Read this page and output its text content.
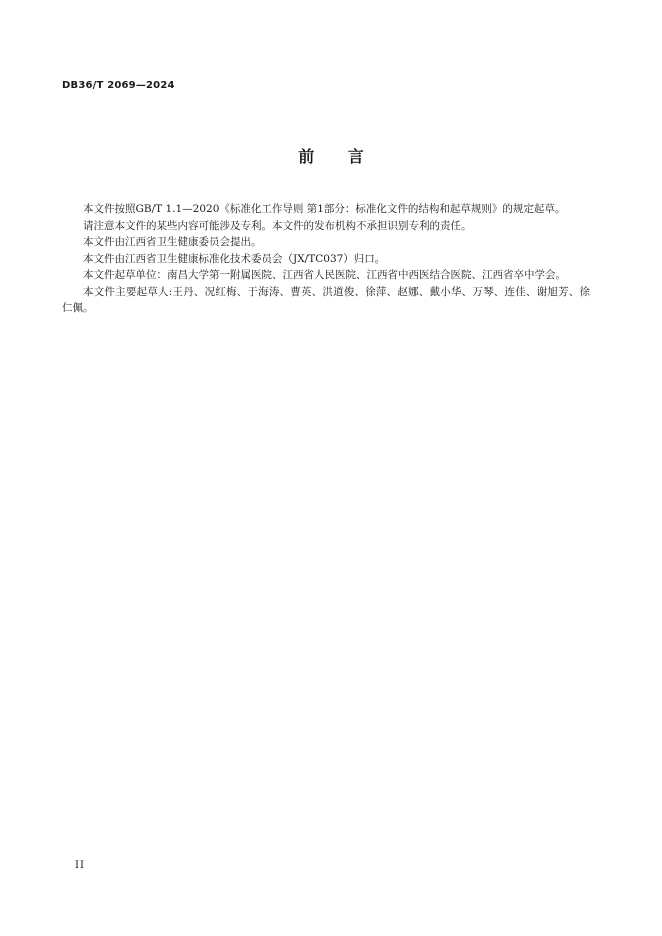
DB36/T 2069—2024
前 言

本文件按照GB/T 1.1—2020《标准化工作导则 第1部分：标准化文件的结构和起草规则》的规定起草。

请注意本文件的某些内容可能涉及专利。本文件的发布机构不承担识别专利的责任。

本文件由江西省卫生健康委员会提出。

本文件由江西省卫生健康标准化技术委员会（JX/TC037）归口。

本文件起草单位：南昌大学第一附属医院、江西省人民医院、江西省中西医结合医院、江西省卒中学会。

本文件主要起草人:王丹、况红梅、于海涛、曹英、洪道俊、徐萍、赵娜、戴小华、万琴、连佳、谢旭芳、徐仁佩。

II
